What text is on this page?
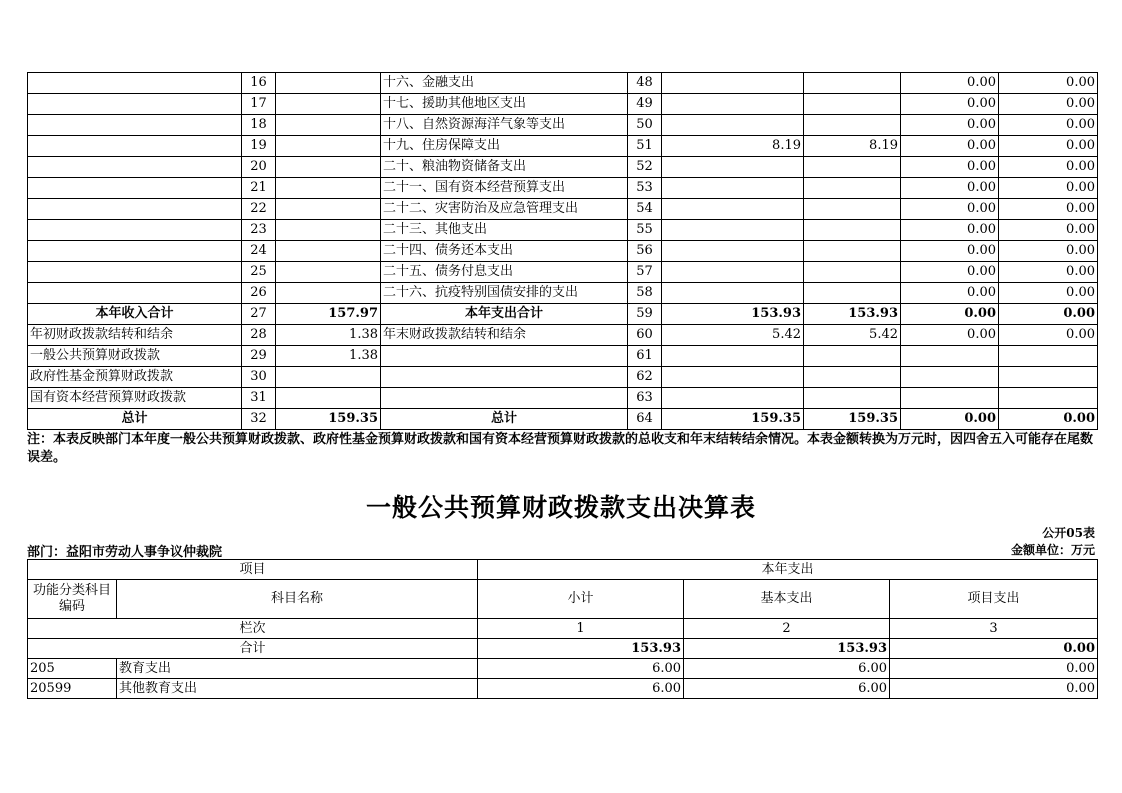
	16		十六、金融支出	48			0.00	0.00
	17		十七、援助其他地区支出	49			0.00	0.00
	18		十八、自然资源海洋气象等支出	50			0.00	0.00
	19		十九、住房保障支出	51	8.19	8.19	0.00	0.00
	20		二十、粮油物资储备支出	52			0.00	0.00
	21		二十一、国有资本经营预算支出	53			0.00	0.00
	22		二十二、灾害防治及应急管理支出	54			0.00	0.00
	23		二十三、其他支出	55			0.00	0.00
	24		二十四、债务还本支出	56			0.00	0.00
	25		二十五、债务付息支出	57			0.00	0.00
	26		二十六、抗疫特别国债安排的支出	58			0.00	0.00
本年收入合计	27	157.97	本年支出合计	59	153.93	153.93	0.00	0.00
年初财政拨款结转和结余	28	1.38	年末财政拨款结转和结余	60	5.42	5.42	0.00	0.00
一般公共预算财政拨款	29	1.38		61				
政府性基金预算财政拨款	30			62				
国有资本经营预算财政拨款	31			63				
总计	32	159.35	总计	64	159.35	159.35	0.00	0.00
注：本表反映部门本年度一般公共预算财政拨款、政府性基金预算财政拨款和国有资本经营预算财政拨款的总收支和年末结转结余情况。本表金额转换为万元时，因四舍五入可能存在尾数误差。
一般公共预算财政拨款支出决算表
公开05表
部门：益阳市劳动人事争议仲裁院	金额单位：万元
项目		本年支出		
功能分类科目编码	科目名称	小计	基本支出	项目支出
栏次		1	2	3
合计		153.93	153.93	0.00
205	教育支出	6.00	6.00	0.00
20599	其他教育支出	6.00	6.00	0.00
